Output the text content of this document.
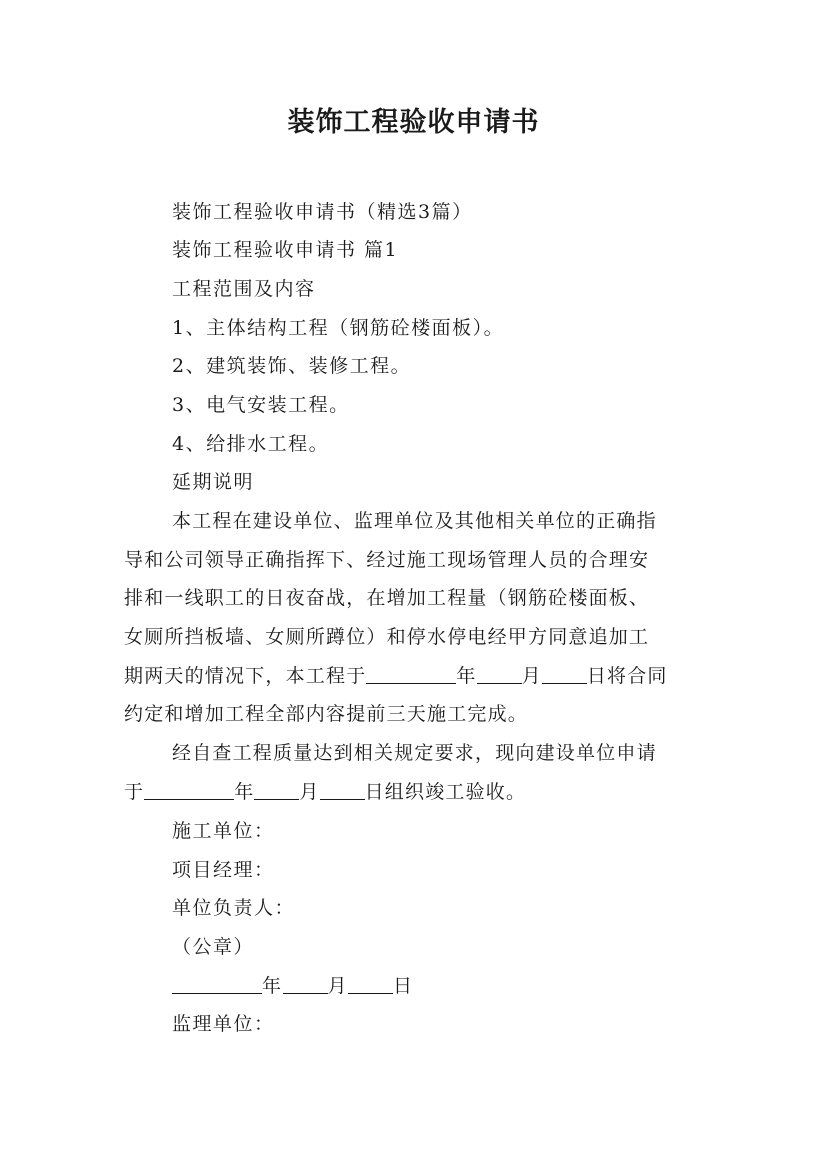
装饰工程验收申请书

装饰工程验收申请书（精选3篇）

装饰工程验收申请书 篇1

工程范围及内容

1、主体结构工程（钢筋砼楼面板）。

2、建筑装饰、装修工程。

3、电气安装工程。

4、给排水工程。

延期说明

本工程在建设单位、监理单位及其他相关单位的正确指

导和公司领导正确指挥下、经过施工现场管理人员的合理安

排和一线职工的日夜奋战，在增加工程量（钢筋砼楼面板、

女厕所挡板墙、女厕所蹲位）和停水停电经甲方同意追加工

期两天的情况下，本工程于	年 月 日将合同

约定和增加工程全部内容提前三天施工完成。

经自查工程质量达到相关规定要求，现向建设单位申请

于	年 月 日组织竣工验收。

施工单位：

项目经理：

单位负责人：

（公章）

年 月 日

监理单位：
